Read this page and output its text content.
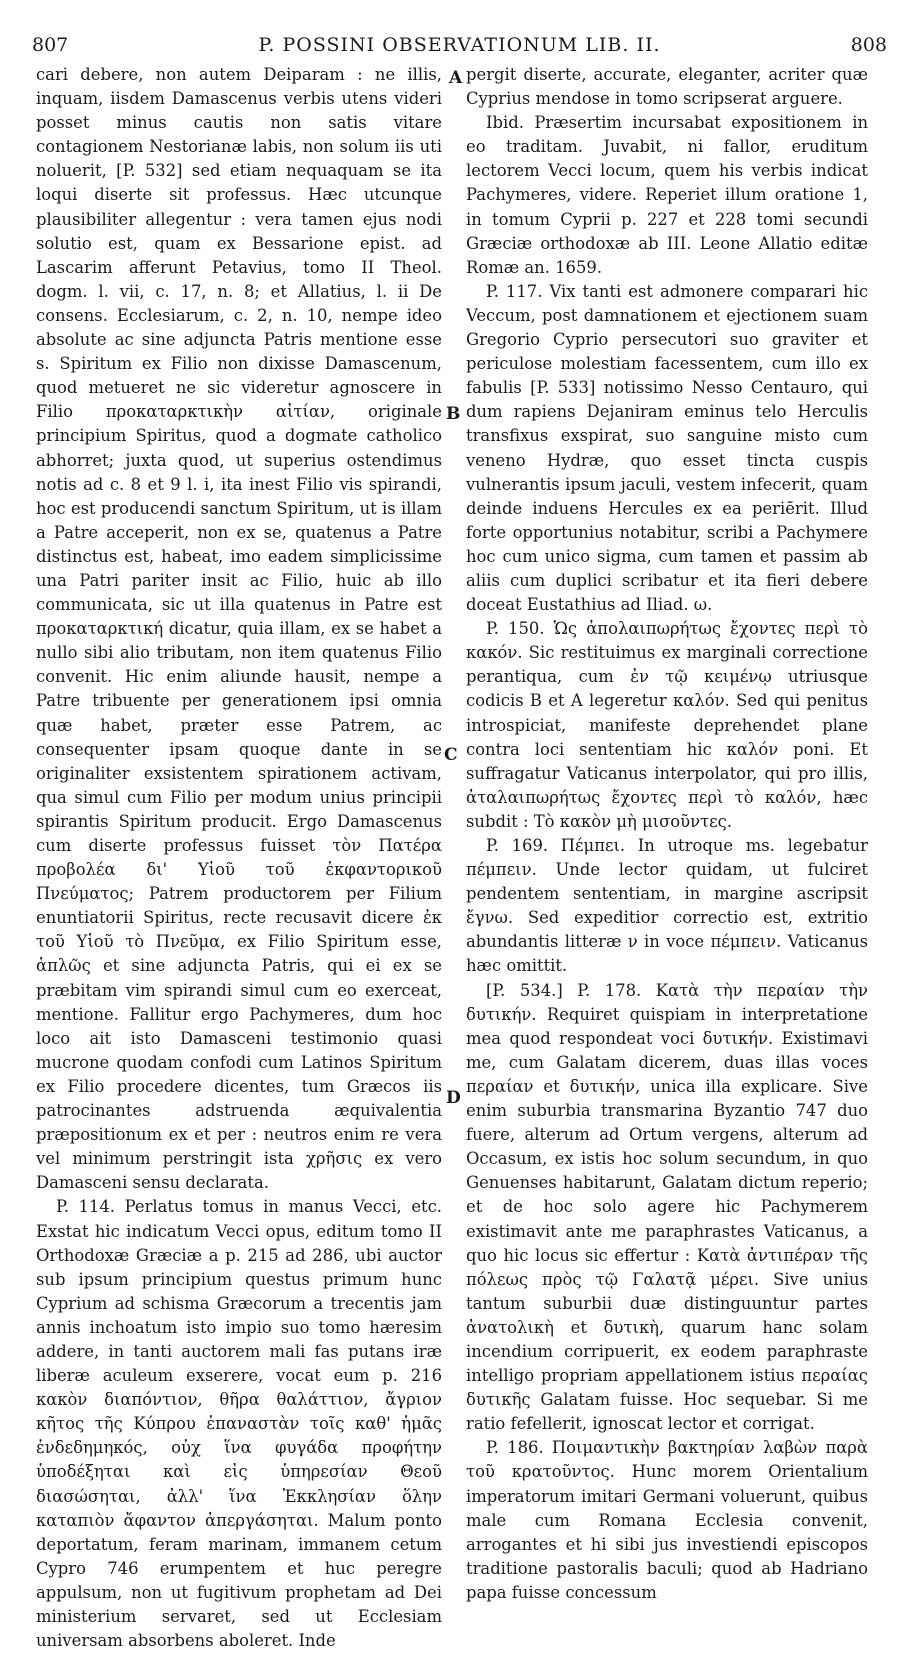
807	P. POSSINI OBSERVATIONUM LIB. II.	808

cari debere, non autem Deiparam : ne illis, inquam, iisdem Damascenus verbis utens videri posset minus cautis non satis vitare contagionem Nestorianæ labis, non solum iis uti noluerit, [P. 532] sed etiam nequaquam se ita loqui diserte sit professus. Hæc utcunque plausibiliter allegentur : vera tamen ejus nodi solutio est, quam ex Bessarione epist. ad Lascarim afferunt Petavius, tomo II Theol. dogm. l. vii, c. 17, n. 8; et Allatius, l. ii De consens. Ecclesiarum, c. 2, n. 10, nempe ideo absolute ac sine adjuncta Patris mentione esse s. Spiritum ex Filio non dixisse Damascenum, quod metueret ne sic videretur agnoscere in Filio προκαταρκτικὴν αἰτίαν, originale principium Spiritus, quod a dogmate catholico abhorret; juxta quod, ut superius ostendimus notis ad c. 8 et 9 l. i, ita inest Filio vis spirandi, hoc est producendi sanctum Spiritum, ut is illam a Patre acceperit, non ex se, quatenus a Patre distinctus est, habeat, imo eadem simplicissime una Patri pariter insit ac Filio, huic ab illo communicata, sic ut illa quatenus in Patre est προκαταρκτική dicatur, quia illam, ex se habet a nullo sibi alio tributam, non item quatenus Filio convenit. Hic enim aliunde hausit, nempe a Patre tribuente per generationem ipsi omnia quæ habet, præter esse Patrem, ac consequenter ipsam quoque dante in se originaliter exsistentem spirationem activam, qua simul cum Filio per modum unius principii spirantis Spiritum producit. Ergo Damascenus cum diserte professus fuisset τὸν Πατέρα προβολέα δι' Υἱοῦ τοῦ ἐκφαντορικοῦ Πνεύματος; Patrem productorem per Filium enuntiatorii Spiritus, recte recusavit dicere ἐκ τοῦ Υἱοῦ τὸ Πνεῦμα, ex Filio Spiritum esse, ἁπλῶς et sine adjuncta Patris, qui ei ex se præbitam vim spirandi simul cum eo exerceat, mentione. Fallitur ergo Pachymeres, dum hoc loco ait isto Damasceni testimonio quasi mucrone quodam confodi cum Latinos Spiritum ex Filio procedere dicentes, tum Græcos iis patrocinantes adstruenda æquivalentia præpositionum ex et per : neutros enim re vera vel minimum perstringit ista χρῆσις ex vero Damasceni sensu declarata.

P. 114. Perlatus tomus in manus Vecci, etc. Exstat hic indicatum Vecci opus, editum tomo II Orthodoxæ Græciæ a p. 215 ad 286, ubi auctor sub ipsum principium questus primum hunc Cyprium ad schisma Græcorum a trecentis jam annis inchoatum isto impio suo tomo hæresim addere, in tanti auctorem mali fas putans iræ liberæ aculeum exserere, vocat eum p. 216 κακὸν διαπόντιον, θῆρα θαλάττιον, ἄγριον κῆτος τῆς Κύπρου ἐπαναστὰν τοῖς καθ' ἡμᾶς ἐνδεδημηκός, οὐχ ἵνα φυγάδα προφήτην ὑποδέξηται καὶ εἰς ὑπηρεσίαν Θεοῦ διασώσηται, ἀλλ' ἵνα Ἐκκλησίαν ὅλην καταπιὸν ἄφαντον ἀπεργάσηται. Malum ponto deportatum, feram marinam, immanem cetum Cypro 746 erumpentem et huc peregre appulsum, non ut fugitivum prophetam ad Dei ministerium servaret, sed ut Ecclesiam universam absorbens aboleret. Inde

A
B
C
D

pergit diserte, accurate, eleganter, acriter quæ Cyprius mendose in tomo scripserat arguere.

Ibid. Præsertim incursabat expositionem in eo traditam. Juvabit, ni fallor, eruditum lectorem Vecci locum, quem his verbis indicat Pachymeres, videre. Reperiet illum oratione 1, in tomum Cyprii p. 227 et 228 tomi secundi Græciæ orthodoxæ ab III. Leone Allatio editæ Romæ an. 1659.

P. 117. Vix tanti est admonere comparari hic Veccum, post damnationem et ejectionem suam Gregorio Cyprio persecutori suo graviter et periculose molestiam facessentem, cum illo ex fabulis [P. 533] notissimo Nesso Centauro, qui dum rapiens Dejaniram eminus telo Herculis transfixus exspirat, suo sanguine misto cum veneno Hydræ, quo esset tincta cuspis vulnerantis ipsum jaculi, vestem infecerit, quam deinde induens Hercules ex ea periērit. Illud forte opportunius notabitur, scribi a Pachymere hoc cum unico sigma, cum tamen et passim ab aliis cum duplici scribatur et ita fieri debere doceat Eustathius ad Iliad. ω.

P. 150. Ὡς ἀπολαιπωρήτως ἔχοντες περὶ τὸ κακόν. Sic restituimus ex marginali correctione perantiqua, cum ἐν τῷ κειμένῳ utriusque codicis B et A legeretur καλόν. Sed qui penitus introspiciat, manifeste deprehendet plane contra loci sententiam hic καλόν poni. Et suffragatur Vaticanus interpolator, qui pro illis, ἀταλαιπωρήτως ἔχοντες περὶ τὸ καλόν, hæc subdit : Τὸ κακὸν μὴ μισοῦντες.

P. 169. Πέμπει. In utroque ms. legebatur πέμπειν. Unde lector quidam, ut fulciret pendentem sententiam, in margine ascripsit ἔγνω. Sed expeditior correctio est, extritio abundantis litteræ ν in voce πέμπειν. Vaticanus hæc omittit.

[P. 534.] P. 178. Κατὰ τὴν περαίαν τὴν δυτικήν. Requiret quispiam in interpretatione mea quod respondeat voci δυτικήν. Existimavi me, cum Galatam dicerem, duas illas voces περαίαν et δυτικήν, unica illa explicare. Sive enim suburbia transmarina Byzantio 747 duo fuere, alterum ad Ortum vergens, alterum ad Occasum, ex istis hoc solum secundum, in quo Genuenses habitarunt, Galatam dictum reperio; et de hoc solo agere hic Pachymerem existimavit ante me paraphrastes Vaticanus, a quo hic locus sic effertur : Κατὰ ἀντιπέραν τῆς πόλεως πρὸς τῷ Γαλατᾷ μέρει. Sive unius tantum suburbii duæ distinguuntur partes ἀνατολικὴ et δυτικὴ, quarum hanc solam incendium corripuerit, ex eodem paraphraste intelligo propriam appellationem istius περαίας δυτικῆς Galatam fuisse. Hoc sequebar. Si me ratio fefellerit, ignoscat lector et corrigat.

P. 186. Ποιμαντικὴν βακτηρίαν λαβὼν παρὰ τοῦ κρατοῦντος. Hunc morem Orientalium imperatorum imitari Germani voluerunt, quibus male cum Romana Ecclesia convenit, arrogantes et hi sibi jus investiendi episcopos traditione pastoralis baculi; quod ab Hadriano papa fuisse concessum
